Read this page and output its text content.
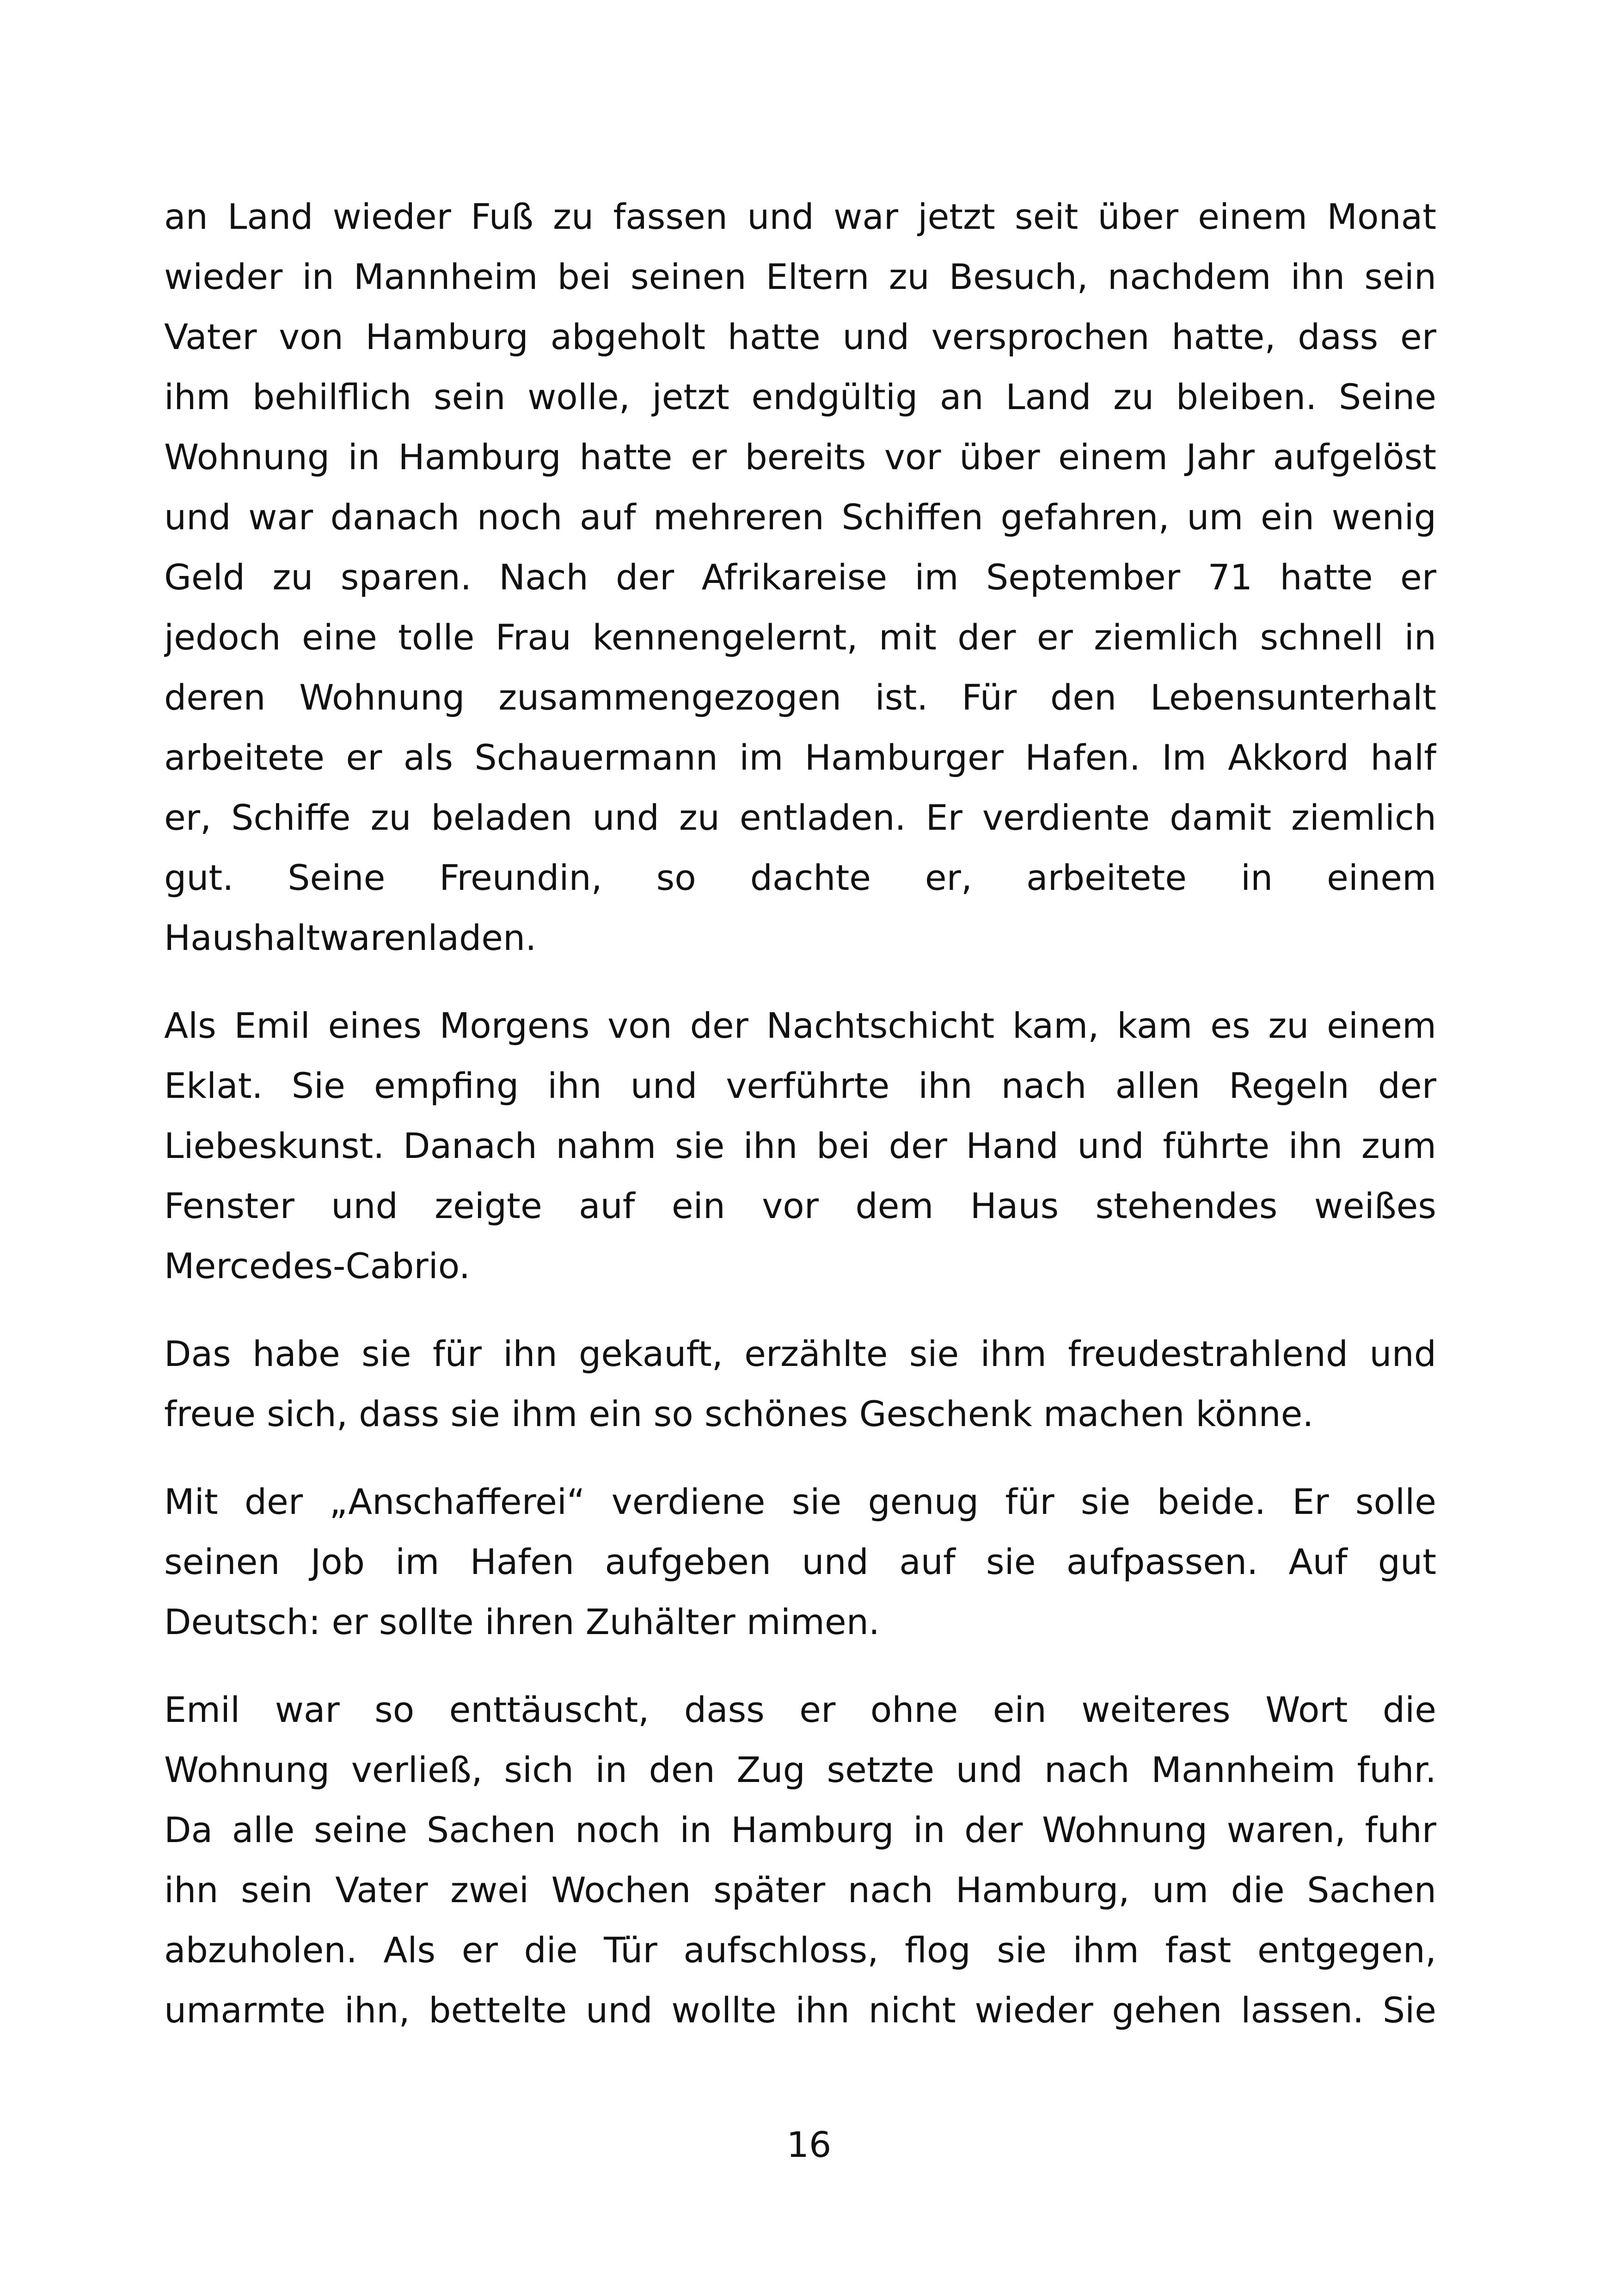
an Land wieder Fuß zu fassen und war jetzt seit über einem Monat
wieder in Mannheim bei seinen Eltern zu Besuch, nachdem ihn sein
Vater von Hamburg abgeholt hatte und versprochen hatte, dass er
ihm behilflich sein wolle, jetzt endgültig an Land zu bleiben. Seine
Wohnung in Hamburg hatte er bereits vor über einem Jahr aufgelöst
und war danach noch auf mehreren Schiffen gefahren, um ein wenig
Geld zu sparen. Nach der Afrikareise im September 71 hatte er
jedoch eine tolle Frau kennengelernt, mit der er ziemlich schnell in
deren Wohnung zusammengezogen ist. Für den Lebensunterhalt
arbeitete er als Schauermann im Hamburger Hafen. Im Akkord half
er, Schiffe zu beladen und zu entladen. Er verdiente damit ziemlich
gut. Seine Freundin, so dachte er, arbeitete in einem
Haushaltwarenladen.

Als Emil eines Morgens von der Nachtschicht kam, kam es zu einem
Eklat. Sie empfing ihn und verführte ihn nach allen Regeln der
Liebeskunst. Danach nahm sie ihn bei der Hand und führte ihn zum
Fenster und zeigte auf ein vor dem Haus stehendes weißes
Mercedes-Cabrio.

Das habe sie für ihn gekauft, erzählte sie ihm freudestrahlend und
freue sich, dass sie ihm ein so schönes Geschenk machen könne.

Mit der „Anschafferei“ verdiene sie genug für sie beide. Er solle
seinen Job im Hafen aufgeben und auf sie aufpassen. Auf gut
Deutsch: er sollte ihren Zuhälter mimen.

Emil war so enttäuscht, dass er ohne ein weiteres Wort die
Wohnung verließ, sich in den Zug setzte und nach Mannheim fuhr.
Da alle seine Sachen noch in Hamburg in der Wohnung waren, fuhr
ihn sein Vater zwei Wochen später nach Hamburg, um die Sachen
abzuholen. Als er die Tür aufschloss, flog sie ihm fast entgegen,
umarmte ihn, bettelte und wollte ihn nicht wieder gehen lassen. Sie

16
